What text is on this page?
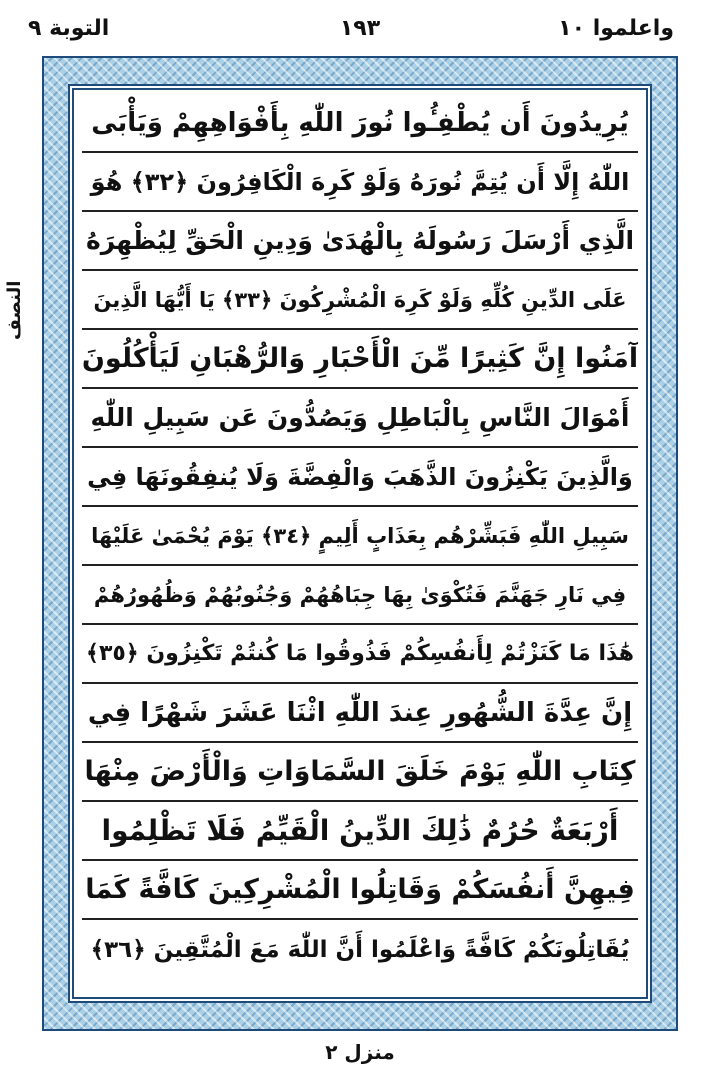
واعلموا ١٠
١٩٣
التوبة ٩
النصف
يُرِيدُونَ أَن يُطْفِـُٔوا نُورَ اللّٰهِ بِأَفْوَاهِهِمْ وَيَأْبَى
اللّٰهُ إِلَّا أَن يُتِمَّ نُورَهُ وَلَوْ كَرِهَ الْكَافِرُونَ ﴿٣٢﴾ هُوَ
الَّذِي أَرْسَلَ رَسُولَهُ بِالْهُدَىٰ وَدِينِ الْحَقِّ لِيُظْهِرَهُ
عَلَى الدِّينِ كُلِّهِ وَلَوْ كَرِهَ الْمُشْرِكُونَ ﴿٣٣﴾ يَا أَيُّهَا الَّذِينَ
آمَنُوا إِنَّ كَثِيرًا مِّنَ الْأَحْبَارِ وَالرُّهْبَانِ لَيَأْكُلُونَ
أَمْوَالَ النَّاسِ بِالْبَاطِلِ وَيَصُدُّونَ عَن سَبِيلِ اللّٰهِ
وَالَّذِينَ يَكْنِزُونَ الذَّهَبَ وَالْفِضَّةَ وَلَا يُنفِقُونَهَا فِي
سَبِيلِ اللّٰهِ فَبَشِّرْهُم بِعَذَابٍ أَلِيمٍ ﴿٣٤﴾ يَوْمَ يُحْمَىٰ عَلَيْهَا
فِي نَارِ جَهَنَّمَ فَتُكْوَىٰ بِهَا جِبَاهُهُمْ وَجُنُوبُهُمْ وَظُهُورُهُمْ
هَٰذَا مَا كَنَزْتُمْ لِأَنفُسِكُمْ فَذُوقُوا مَا كُنتُمْ تَكْنِزُونَ ﴿٣٥﴾
إِنَّ عِدَّةَ الشُّهُورِ عِندَ اللّٰهِ اثْنَا عَشَرَ شَهْرًا فِي
كِتَابِ اللّٰهِ يَوْمَ خَلَقَ السَّمَاوَاتِ وَالْأَرْضَ مِنْهَا
أَرْبَعَةٌ حُرُمٌ ذَٰلِكَ الدِّينُ الْقَيِّمُ فَلَا تَظْلِمُوا
فِيهِنَّ أَنفُسَكُمْ وَقَاتِلُوا الْمُشْرِكِينَ كَافَّةً كَمَا
يُقَاتِلُونَكُمْ كَافَّةً وَاعْلَمُوا أَنَّ اللّٰهَ مَعَ الْمُتَّقِينَ ﴿٣٦﴾
منزل ٢
